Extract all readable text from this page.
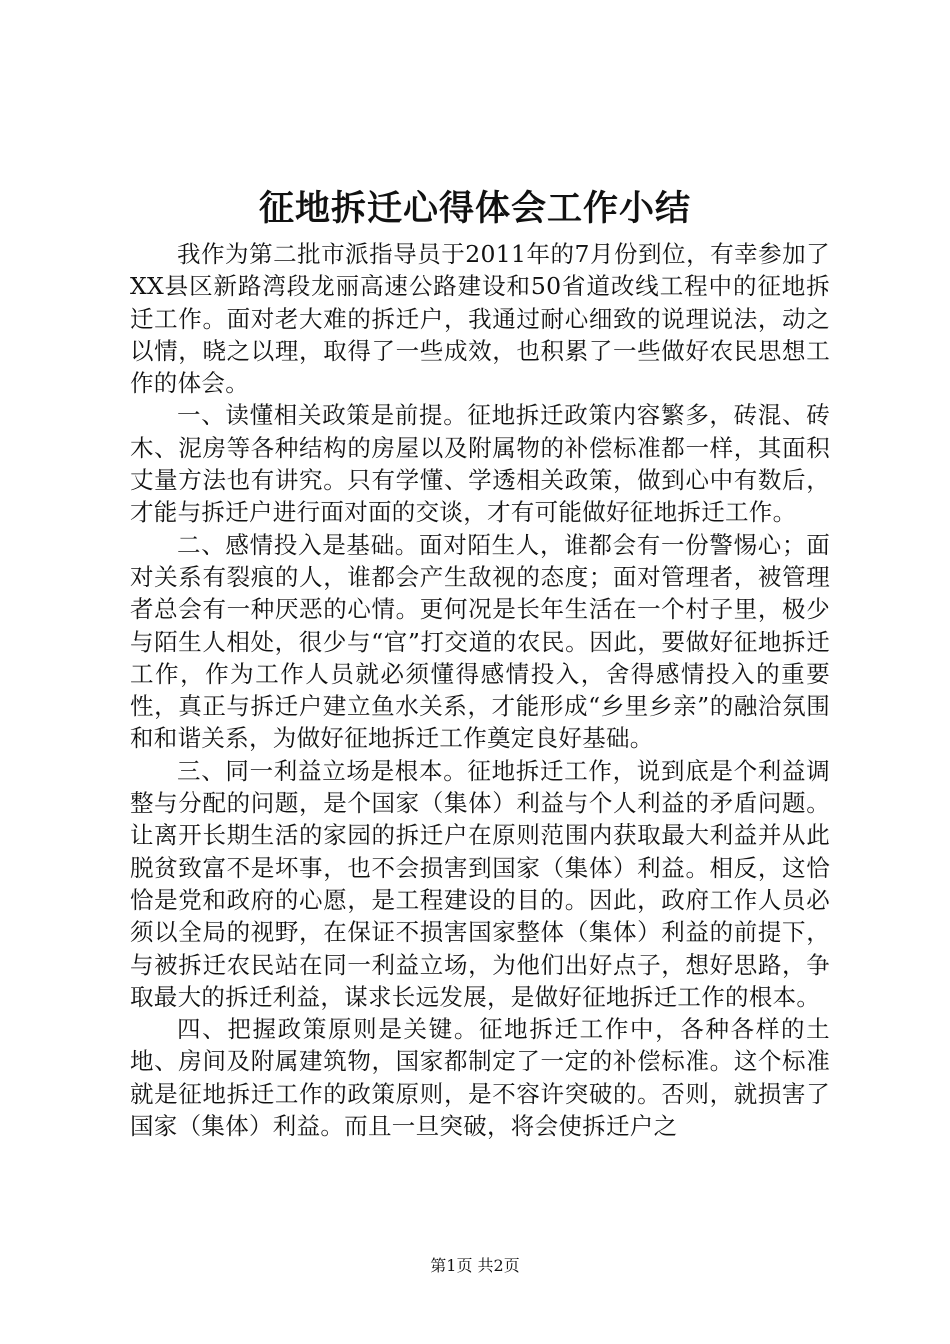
征地拆迁心得体会工作小结

我作为第二批市派指导员于2011年的7月份到位，有幸参加了XX县区新路湾段龙丽高速公路建设和50省道改线工程中的征地拆迁工作。面对老大难的拆迁户，我通过耐心细致的说理说法，动之以情，晓之以理，取得了一些成效，也积累了一些做好农民思想工作的体会。

一、读懂相关政策是前提。征地拆迁政策内容繁多，砖混、砖木、泥房等各种结构的房屋以及附属物的补偿标准都一样，其面积丈量方法也有讲究。只有学懂、学透相关政策，做到心中有数后，才能与拆迁户进行面对面的交谈，才有可能做好征地拆迁工作。

二、感情投入是基础。面对陌生人，谁都会有一份警惕心；面对关系有裂痕的人，谁都会产生敌视的态度；面对管理者，被管理者总会有一种厌恶的心情。更何况是长年生活在一个村子里，极少与陌生人相处，很少与“官”打交道的农民。因此，要做好征地拆迁工作，作为工作人员就必须懂得感情投入，舍得感情投入的重要性，真正与拆迁户建立鱼水关系，才能形成“乡里乡亲”的融洽氛围和和谐关系，为做好征地拆迁工作奠定良好基础。

三、同一利益立场是根本。征地拆迁工作，说到底是个利益调整与分配的问题，是个国家（集体）利益与个人利益的矛盾问题。让离开长期生活的家园的拆迁户在原则范围内获取最大利益并从此脱贫致富不是坏事，也不会损害到国家（集体）利益。相反，这恰恰是党和政府的心愿，是工程建设的目的。因此，政府工作人员必须以全局的视野，在保证不损害国家整体（集体）利益的前提下，与被拆迁农民站在同一利益立场，为他们出好点子，想好思路，争取最大的拆迁利益，谋求长远发展，是做好征地拆迁工作的根本。

四、把握政策原则是关键。征地拆迁工作中，各种各样的土地、房间及附属建筑物，国家都制定了一定的补偿标准。这个标准就是征地拆迁工作的政策原则，是不容许突破的。否则，就损害了国家（集体）利益。而且一旦突破，将会使拆迁户之

第1页 共2页
